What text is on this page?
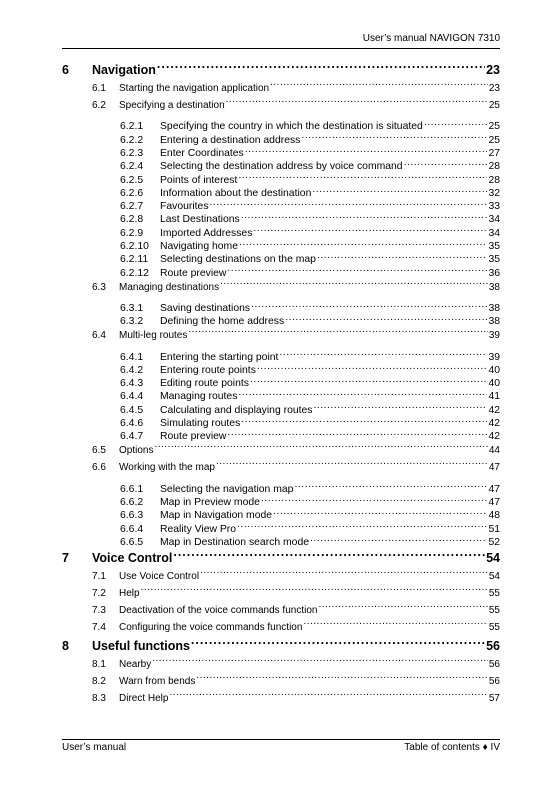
User’s manual NAVIGON 7310
6	Navigation .....	23
6.1	Starting the navigation application .....	23
6.2	Specifying a destination .....	25
6.2.1	Specifying the country in which the destination is situated .....	25
6.2.2	Entering a destination address .....	25
6.2.3	Enter Coordinates .....	27
6.2.4	Selecting the destination address by voice command .....	28
6.2.5	Points of interest .....	28
6.2.6	Information about the destination .....	32
6.2.7	Favourites .....	33
6.2.8	Last Destinations .....	34
6.2.9	Imported Addresses .....	34
6.2.10	Navigating home .....	35
6.2.11	Selecting destinations on the map .....	35
6.2.12	Route preview .....	36
6.3	Managing destinations .....	38
6.3.1	Saving destinations .....	38
6.3.2	Defining the home address .....	38
6.4	Multi-leg routes .....	39
6.4.1	Entering the starting point .....	39
6.4.2	Entering route points .....	40
6.4.3	Editing route points .....	40
6.4.4	Managing routes .....	41
6.4.5	Calculating and displaying routes .....	42
6.4.6	Simulating routes .....	42
6.4.7	Route preview .....	42
6.5	Options .....	44
6.6	Working with the map .....	47
6.6.1	Selecting the navigation map .....	47
6.6.2	Map in Preview mode .....	47
6.6.3	Map in Navigation mode .....	48
6.6.4	Reality View Pro .....	51
6.6.5	Map in Destination search mode .....	52
7	Voice Control .....	54
7.1	Use Voice Control .....	54
7.2	Help .....	55
7.3	Deactivation of the voice commands function .....	55
7.4	Configuring the voice commands function .....	55
8	Useful functions .....	56
8.1	Nearby .....	56
8.2	Warn from bends .....	56
8.3	Direct Help .....	57
User’s manual	Table of contents ♦ IV
